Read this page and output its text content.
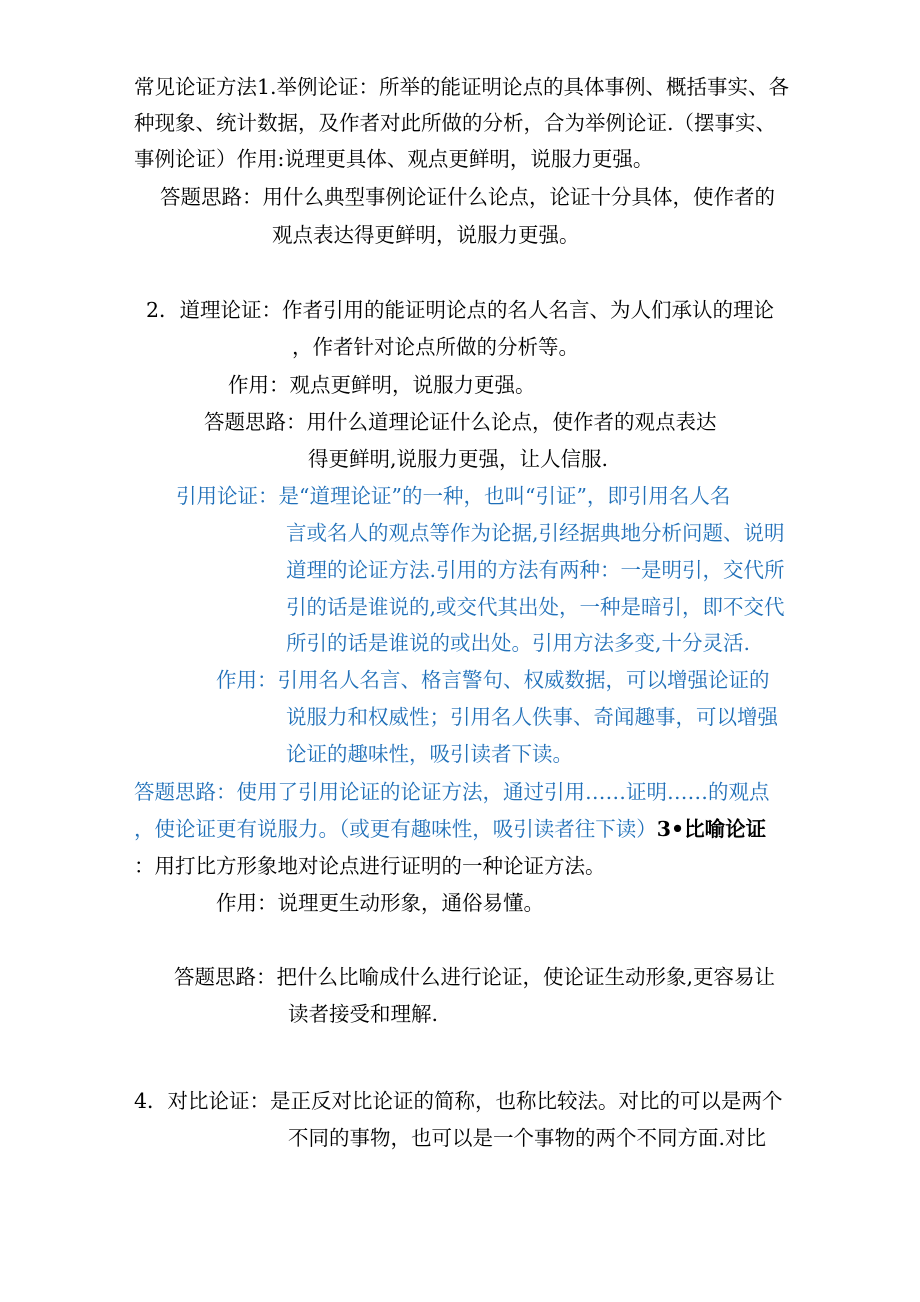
常见论证方法1.举例论证：所举的能证明论点的具体事例、概括事实、各
种现象、统计数据，及作者对此所做的分析，合为举例论证.（摆事实、
事例论证）作用:说理更具体、观点更鲜明，说服力更强。
答题思路：用什么典型事例论证什么论点，论证十分具体，使作者的
观点表达得更鲜明，说服力更强。
2．道理论证：作者引用的能证明论点的名人名言、为人们承认的理论
，作者针对论点所做的分析等。
作用：观点更鲜明，说服力更强。
答题思路：用什么道理论证什么论点，使作者的观点表达
得更鲜明,说服力更强，让人信服.
引用论证：是“道理论证”的一种，也叫“引证”，即引用名人名
言或名人的观点等作为论据,引经据典地分析问题、说明
道理的论证方法.引用的方法有两种：一是明引，交代所
引的话是谁说的,或交代其出处，一种是暗引，即不交代
所引的话是谁说的或出处。引用方法多变,十分灵活.
作用：引用名人名言、格言警句、权威数据，可以增强论证的
说服力和权威性；引用名人佚事、奇闻趣事，可以增强
论证的趣味性，吸引读者下读。
答题思路：使用了引用论证的论证方法，通过引用……证明……的观点
，使论证更有说服力。（或更有趣味性，吸引读者往下读）3•比喻论证
：用打比方形象地对论点进行证明的一种论证方法。
作用：说理更生动形象，通俗易懂。
答题思路：把什么比喻成什么进行论证，使论证生动形象,更容易让
读者接受和理解.
4．对比论证：是正反对比论证的简称，也称比较法。对比的可以是两个
不同的事物，也可以是一个事物的两个不同方面.对比
